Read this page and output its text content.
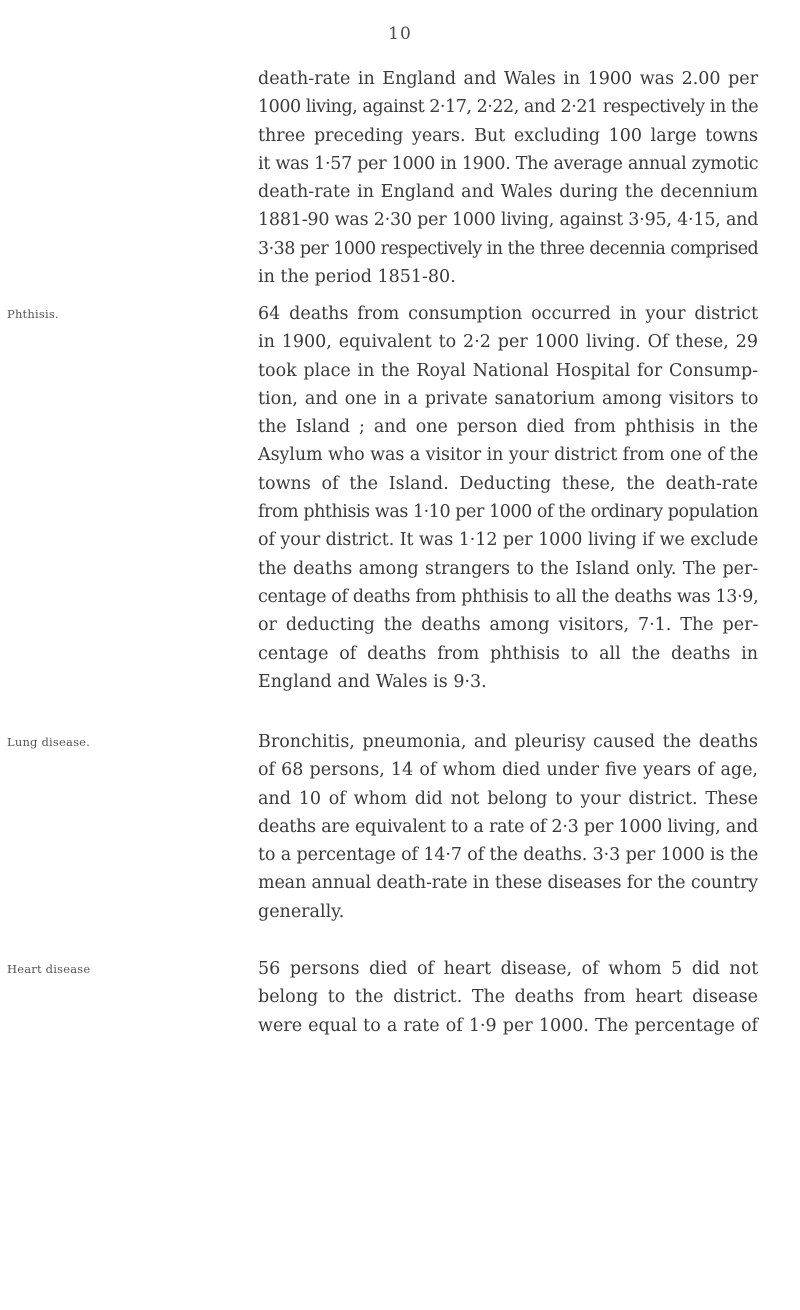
10
death-rate in England and Wales in 1900 was 2.00 per
1000 living, against 2·17, 2·22, and 2·21 respectively in the
three preceding years. But excluding 100 large towns
it was 1·57 per 1000 in 1900. The average annual zymotic
death-rate in England and Wales during the decennium
1881-90 was 2·30 per 1000 living, against 3·95, 4·15, and
3·38 per 1000 respectively in the three decennia comprised
in the period 1851-80.
Phthisis.	64 deaths from consumption occurred in your district
in 1900, equivalent to 2·2 per 1000 living. Of these, 29
took place in the Royal National Hospital for Consump-
tion, and one in a private sanatorium among visitors to
the Island ; and one person died from phthisis in the
Asylum who was a visitor in your district from one of the
towns of the Island. Deducting these, the death-rate
from phthisis was 1·10 per 1000 of the ordinary population
of your district. It was 1·12 per 1000 living if we exclude
the deaths among strangers to the Island only. The per-
centage of deaths from phthisis to all the deaths was 13·9,
or deducting the deaths among visitors, 7·1. The per-
centage of deaths from phthisis to all the deaths in
England and Wales is 9·3.
Lung disease.	Bronchitis, pneumonia, and pleurisy caused the deaths
of 68 persons, 14 of whom died under five years of age,
and 10 of whom did not belong to your district. These
deaths are equivalent to a rate of 2·3 per 1000 living, and
to a percentage of 14·7 of the deaths. 3·3 per 1000 is the
mean annual death-rate in these diseases for the country
generally.
Heart disease	56 persons died of heart disease, of whom 5 did not
belong to the district. The deaths from heart disease
were equal to a rate of 1·9 per 1000. The percentage of
